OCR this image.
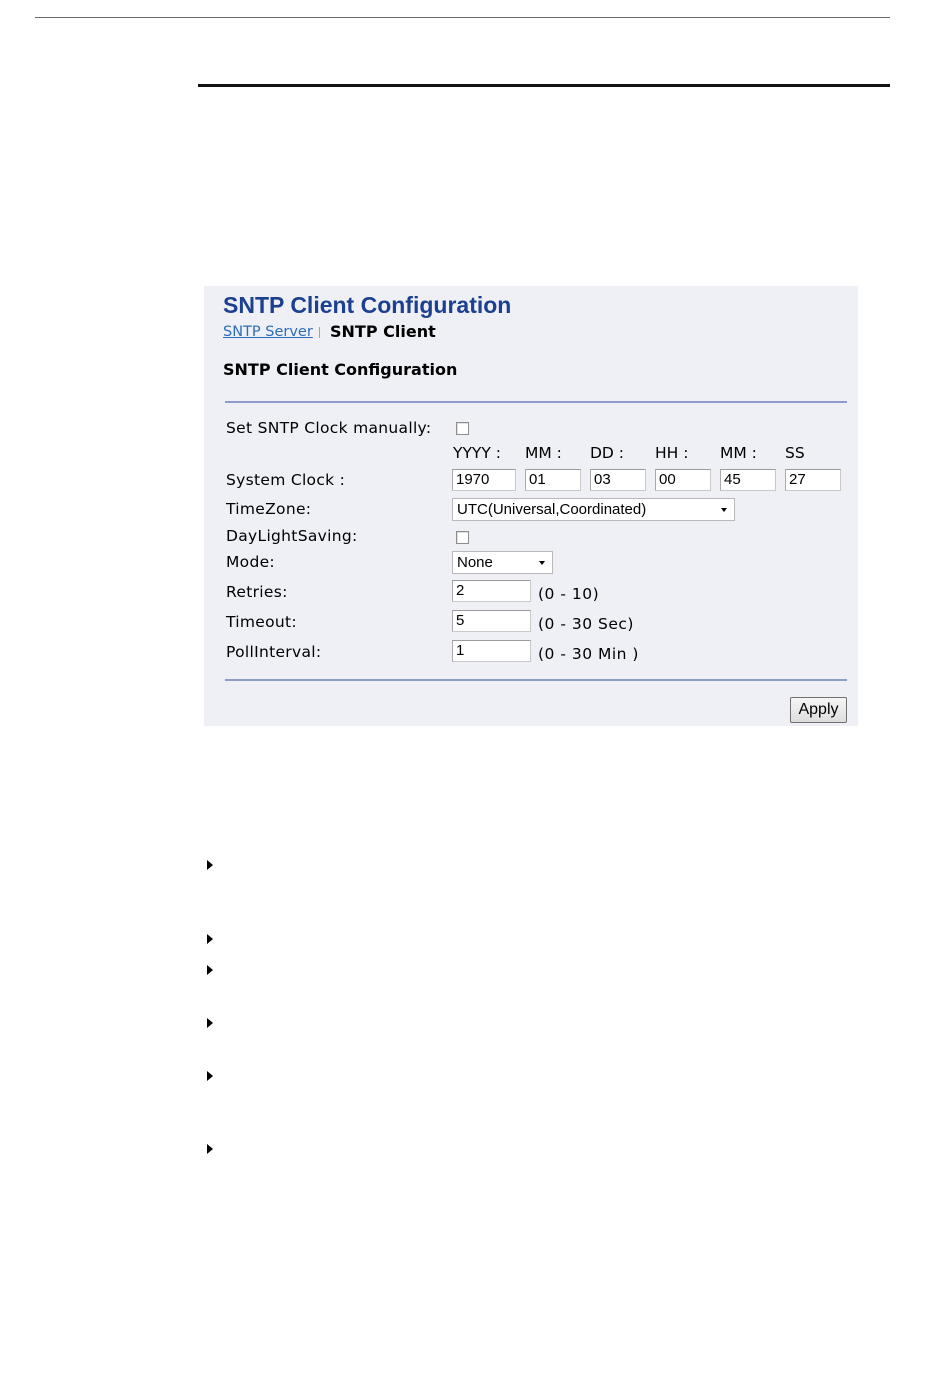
SNTP Client Configuration
SNTP Server SNTP Client
SNTP Client Configuration
Set SNTP Clock manually:
YYYY : MM : DD : HH : MM : SS
System Clock :	1970	01	03	00	45	27
TimeZone:	UTC(Universal,Coordinated)
DayLightSaving:
Mode:	None
Retries:	2	(0 - 10)
Timeout:	5	(0 - 30 Sec)
PollInterval:	1	(0 - 30 Min )
Apply
